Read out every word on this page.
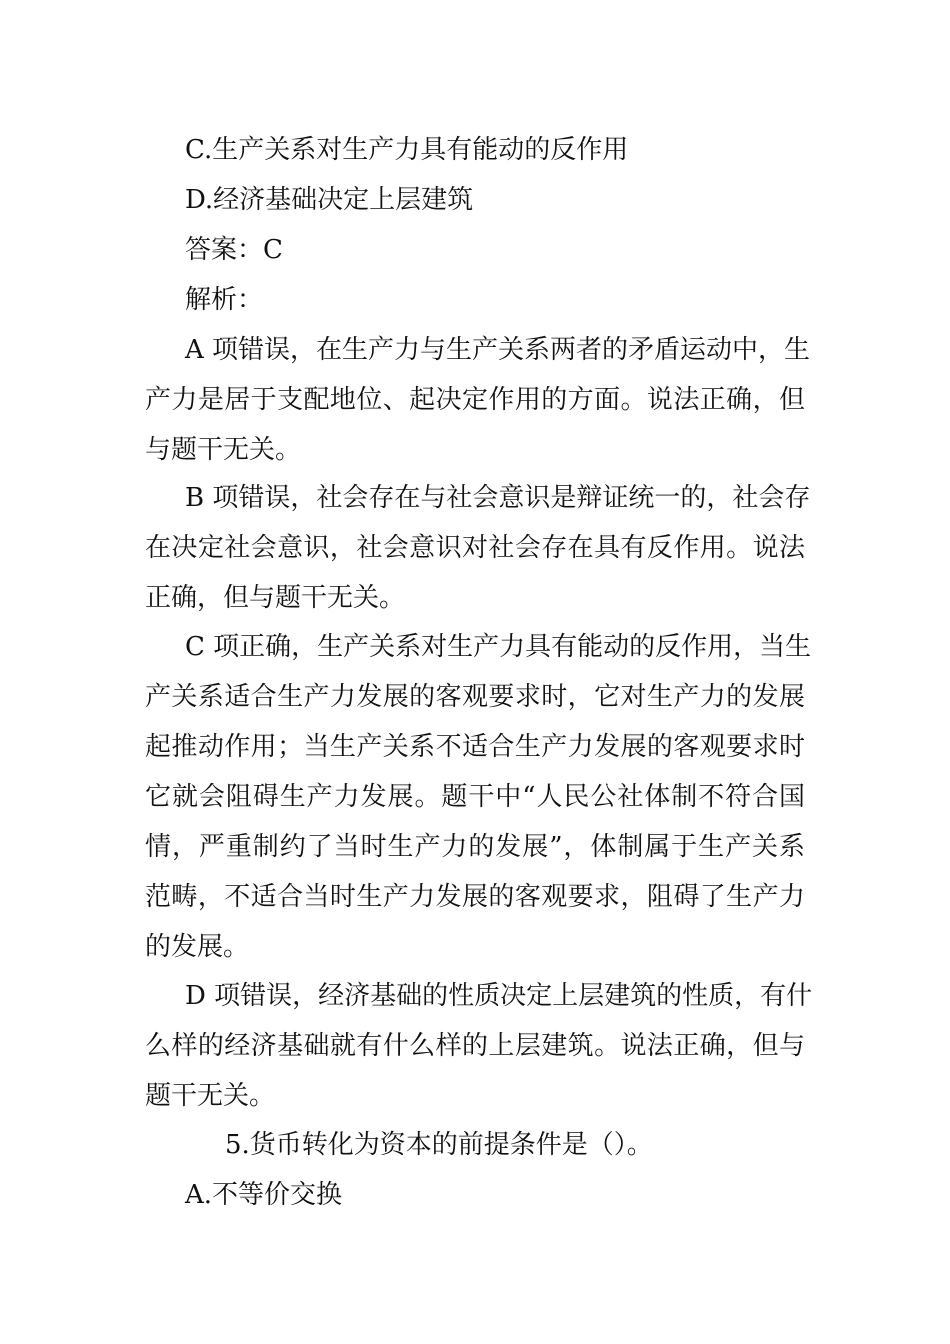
C.生产关系对生产力具有能动的反作用
D.经济基础决定上层建筑
答案：C
解析：
A 项错误，在生产力与生产关系两者的矛盾运动中，生
产力是居于支配地位、起决定作用的方面。说法正确，但
与题干无关。
B 项错误，社会存在与社会意识是辩证统一的，社会存
在决定社会意识，社会意识对社会存在具有反作用。说法
正确，但与题干无关。
C 项正确，生产关系对生产力具有能动的反作用，当生
产关系适合生产力发展的客观要求时，它对生产力的发展
起推动作用；当生产关系不适合生产力发展的客观要求时
它就会阻碍生产力发展。题干中“人民公社体制不符合国
情，严重制约了当时生产力的发展”，体制属于生产关系
范畴，不适合当时生产力发展的客观要求，阻碍了生产力
的发展。
D 项错误，经济基础的性质决定上层建筑的性质，有什
么样的经济基础就有什么样的上层建筑。说法正确，但与
题干无关。
5.货币转化为资本的前提条件是（）。
A.不等价交换
